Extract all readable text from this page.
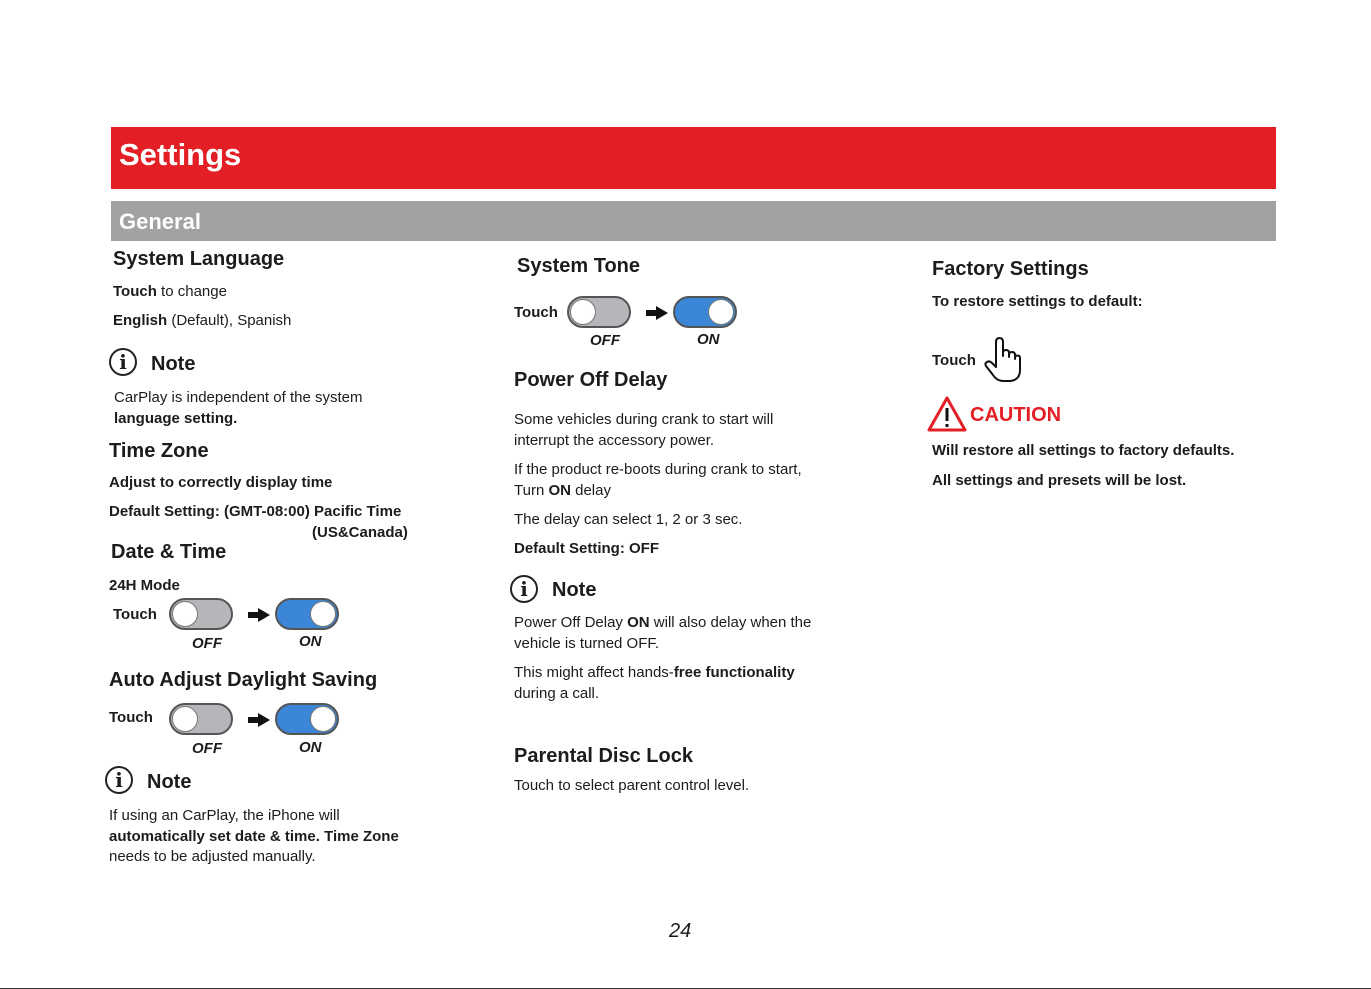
Settings
General
System Language
Touch to change
English (Default), Spanish
i	Note
CarPlay is independent of the system
language setting.
Time Zone
Adjust to correctly display time
Default Setting: (GMT-08:00) Pacific Time
(US&Canada)
Date & Time
24H Mode
Touch
OFF	ON
Auto Adjust Daylight Saving
Touch
OFF	ON
i	Note
If using an CarPlay, the iPhone will
automatically set date & time. Time Zone
needs to be adjusted manually.
System Tone
Touch
OFF	ON
Power Off Delay
Some vehicles during crank to start will
interrupt the accessory power.
If the product re-boots during crank to start,
Turn ON delay
The delay can select 1, 2 or 3 sec.
Default Setting: OFF
i	Note
Power Off Delay ON will also delay when the
vehicle is turned OFF.
This might affect hands-free functionality
during a call.
Parental Disc Lock
Touch to select parent control level.
Factory Settings
To restore settings to default:
Touch
CAUTION
Will restore all settings to factory defaults.
All settings and presets will be lost.
24
